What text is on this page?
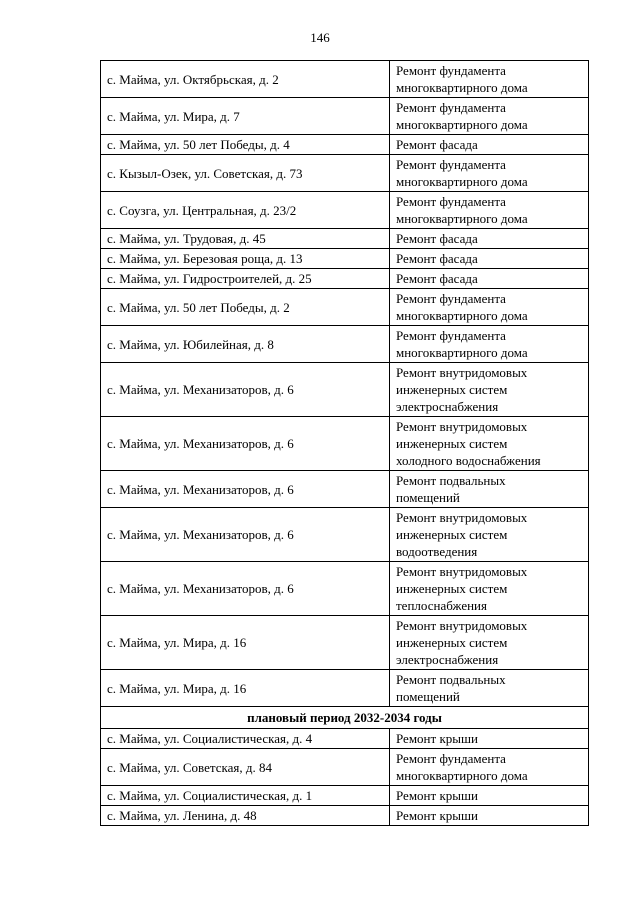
146
с. Майма, ул. Октябрьская, д. 2	Ремонт фундамента
многоквартирного дома

с. Майма, ул. Мира, д. 7	Ремонт фундамента
многоквартирного дома

с. Майма, ул. 50 лет Победы, д. 4	Ремонт фасада

с. Кызыл-Озек, ул. Советская, д. 73	Ремонт фундамента
многоквартирного дома

с. Соузга, ул. Центральная, д. 23/2	Ремонт фундамента
многоквартирного дома

с. Майма, ул. Трудовая, д. 45	Ремонт фасада

с. Майма, ул. Березовая роща, д. 13	Ремонт фасада

с. Майма, ул. Гидростроителей, д. 25	Ремонт фасада

с. Майма, ул. 50 лет Победы, д. 2	Ремонт фундамента
многоквартирного дома

с. Майма, ул. Юбилейная, д. 8	Ремонт фундамента
многоквартирного дома

с. Майма, ул. Механизаторов, д. 6	Ремонт внутридомовых
инженерных систем
электроснабжения

с. Майма, ул. Механизаторов, д. 6	Ремонт внутридомовых
инженерных систем
холодного водоснабжения

с. Майма, ул. Механизаторов, д. 6	Ремонт подвальных
помещений

с. Майма, ул. Механизаторов, д. 6	Ремонт внутридомовых
инженерных систем
водоотведения

с. Майма, ул. Механизаторов, д. 6	Ремонт внутридомовых
инженерных систем
теплоснабжения

с. Майма, ул. Мира, д. 16	Ремонт внутридомовых
инженерных систем
электроснабжения

с. Майма, ул. Мира, д. 16	Ремонт подвальных
помещений

плановый период 2032-2034 годы	
с. Майма, ул. Социалистическая, д. 4	Ремонт крыши

с. Майма, ул. Советская, д. 84	Ремонт фундамента
многоквартирного дома

с. Майма, ул. Социалистическая, д. 1	Ремонт крыши

с. Майма, ул. Ленина, д. 48	Ремонт крыши
